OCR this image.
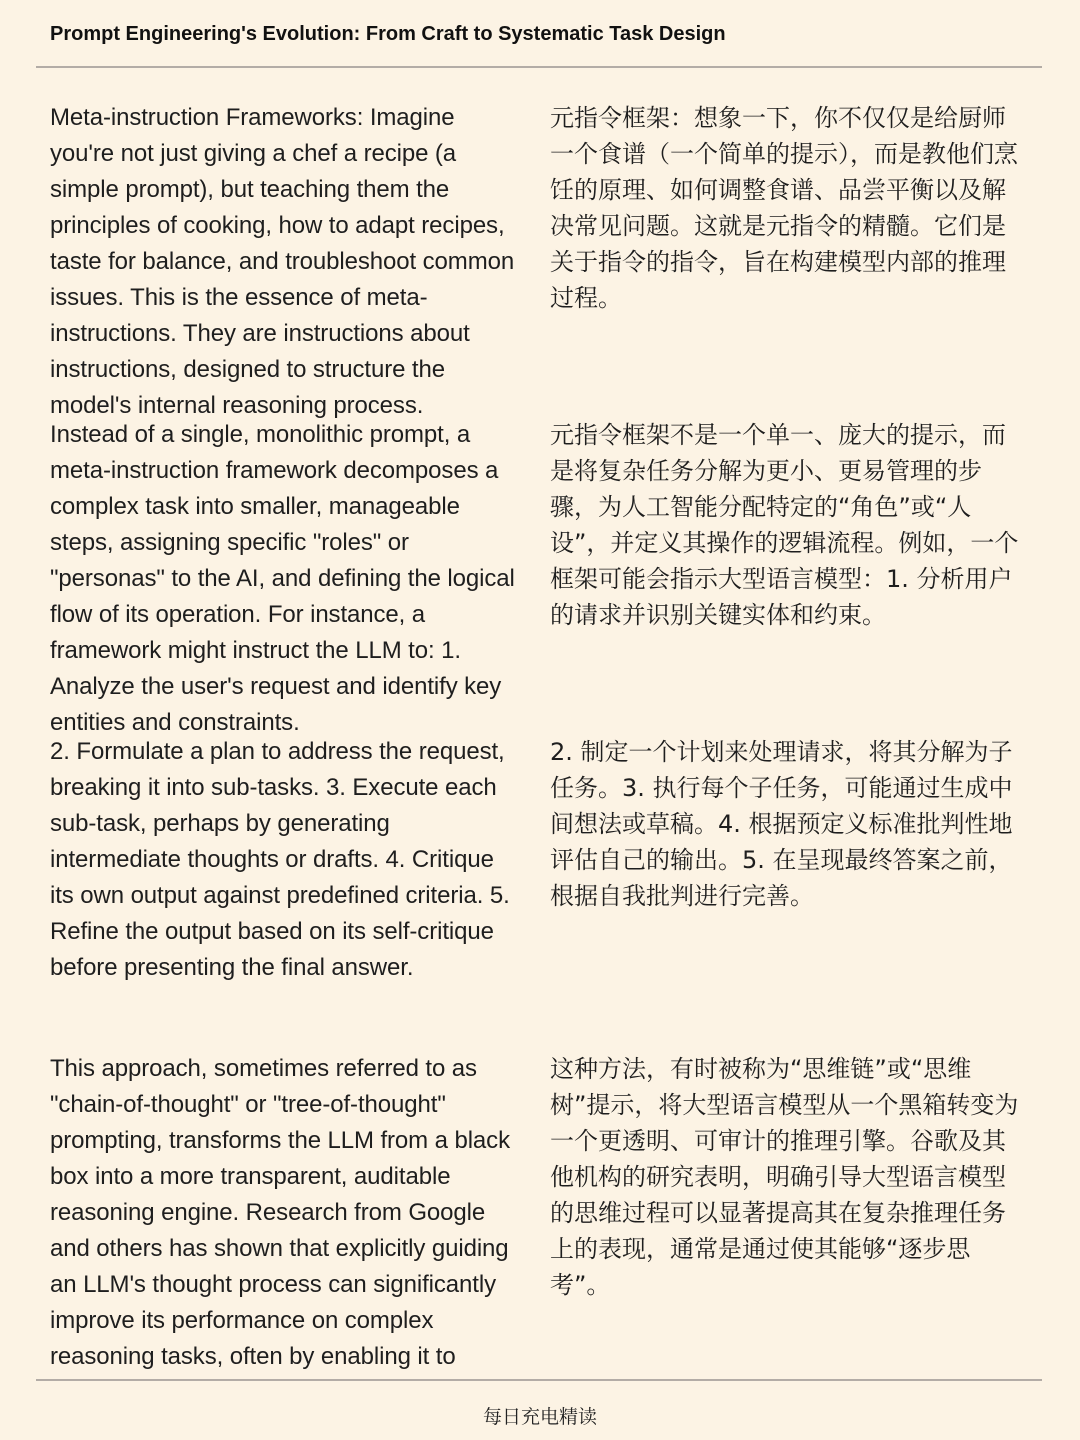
Prompt Engineering's Evolution: From Craft to Systematic Task Design

Meta-instruction Frameworks: Imagine you're not just giving a chef a recipe (a simple prompt), but teaching them the principles of cooking, how to adapt recipes, taste for balance, and troubleshoot common issues. This is the essence of meta-instructions. They are instructions about instructions, designed to structure the model's internal reasoning process.

元指令框架：想象一下，你不仅仅是给厨师一个食谱（一个简单的提示），而是教他们烹饪的原理、如何调整食谱、品尝平衡以及解决常见问题。这就是元指令的精髓。它们是关于指令的指令，旨在构建模型内部的推理过程。

Instead of a single, monolithic prompt, a meta-instruction framework decomposes a complex task into smaller, manageable steps, assigning specific "roles" or "personas" to the AI, and defining the logical flow of its operation. For instance, a framework might instruct the LLM to: 1. Analyze the user's request and identify key entities and constraints.

元指令框架不是一个单一、庞大的提示，而是将复杂任务分解为更小、更易管理的步骤，为人工智能分配特定的“角色”或“人设”，并定义其操作的逻辑流程。例如，一个框架可能会指示大型语言模型：1. 分析用户的请求并识别关键实体和约束。

2. Formulate a plan to address the request, breaking it into sub-tasks. 3. Execute each sub-task, perhaps by generating intermediate thoughts or drafts. 4. Critique its own output against predefined criteria. 5. Refine the output based on its self-critique before presenting the final answer.

2. 制定一个计划来处理请求，将其分解为子任务。3. 执行每个子任务，可能通过生成中间想法或草稿。4. 根据预定义标准批判性地评估自己的输出。5. 在呈现最终答案之前，根据自我批判进行完善。

This approach, sometimes referred to as "chain-of-thought" or "tree-of-thought" prompting, transforms the LLM from a black box into a more transparent, auditable reasoning engine. Research from Google and others has shown that explicitly guiding an LLM's thought process can significantly improve its performance on complex reasoning tasks, often by enabling it to

这种方法，有时被称为“思维链”或“思维树”提示，将大型语言模型从一个黑箱转变为一个更透明、可审计的推理引擎。谷歌及其他机构的研究表明，明确引导大型语言模型的思维过程可以显著提高其在复杂推理任务上的表现，通常是通过使其能够“逐步思考”。

每日充电精读
